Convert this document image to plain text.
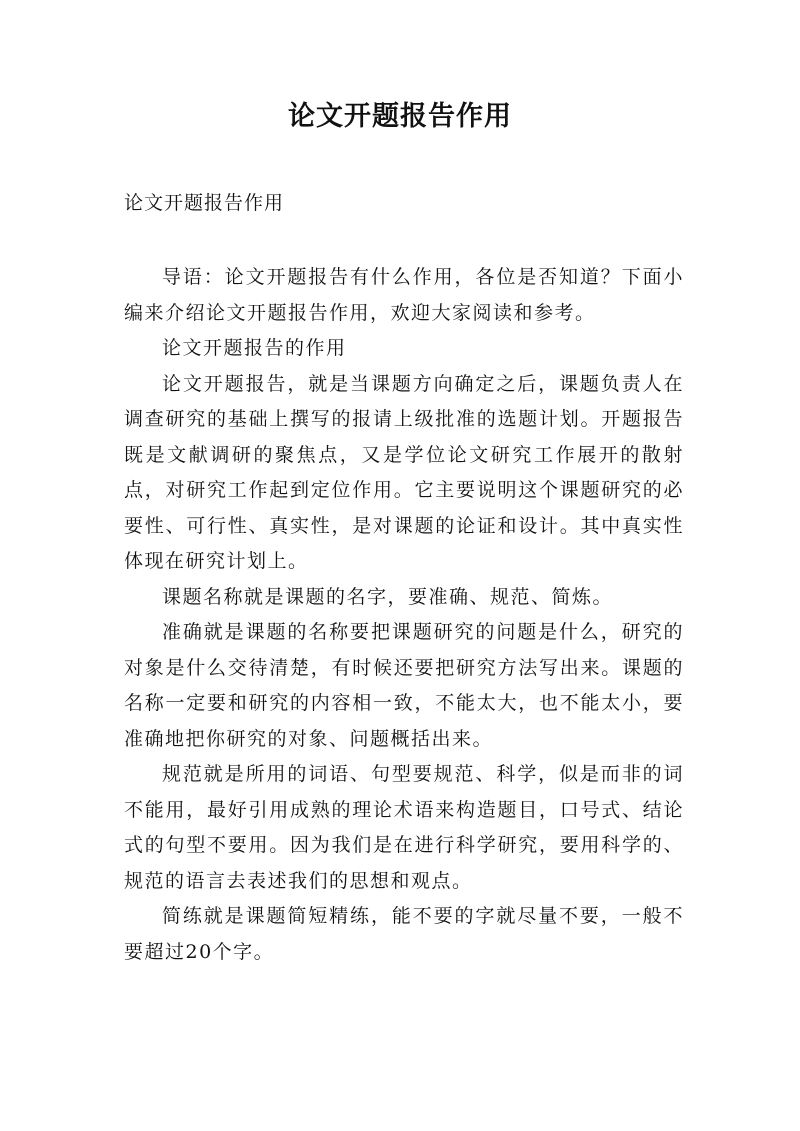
论文开题报告作用
论文开题报告作用

导语：论文开题报告有什么作用，各位是否知道？下面小编来介绍论文开题报告作用，欢迎大家阅读和参考。

论文开题报告的作用

论文开题报告，就是当课题方向确定之后，课题负责人在调查研究的基础上撰写的报请上级批准的选题计划。开题报告既是文献调研的聚焦点，又是学位论文研究工作展开的散射点，对研究工作起到定位作用。它主要说明这个课题研究的必要性、可行性、真实性，是对课题的论证和设计。其中真实性体现在研究计划上。

课题名称就是课题的名字，要准确、规范、简炼。

准确就是课题的名称要把课题研究的问题是什么，研究的对象是什么交待清楚，有时候还要把研究方法写出来。课题的名称一定要和研究的内容相一致，不能太大，也不能太小，要准确地把你研究的对象、问题概括出来。

规范就是所用的词语、句型要规范、科学，似是而非的词不能用，最好引用成熟的理论术语来构造题目，口号式、结论式的句型不要用。因为我们是在进行科学研究，要用科学的、规范的语言去表述我们的思想和观点。

简练就是课题简短精练，能不要的字就尽量不要，一般不要超过20个字。
